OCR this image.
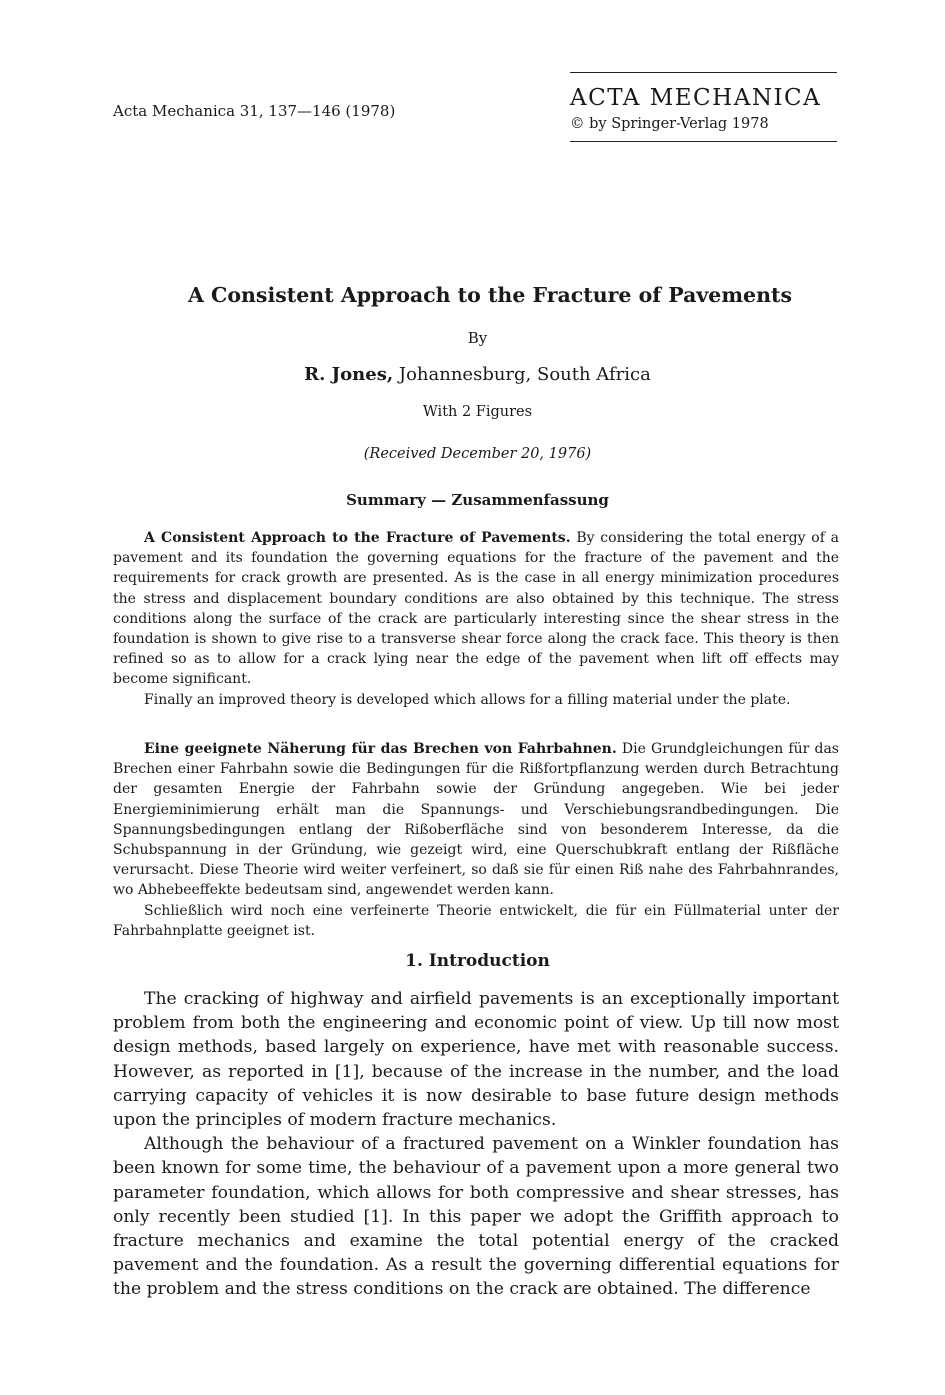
Acta Mechanica 31, 137—146 (1978)	ACTA MECHANICA
© by Springer-Verlag 1978
A Consistent Approach to the Fracture of Pavements
By
R. Jones, Johannesburg, South Africa
With 2 Figures
(Received December 20, 1976)
Summary — Zusammenfassung

A Consistent Approach to the Fracture of Pavements. By considering the total energy of a pavement and its foundation the governing equations for the fracture of the pavement and the requirements for crack growth are presented. As is the case in all energy minimization procedures the stress and displacement boundary conditions are also obtained by this technique. The stress conditions along the surface of the crack are particularly interesting since the shear stress in the foundation is shown to give rise to a transverse shear force along the crack face. This theory is then refined so as to allow for a crack lying near the edge of the pavement when lift off effects may become significant.

Finally an improved theory is developed which allows for a filling material under the plate.

Eine geeignete Näherung für das Brechen von Fahrbahnen. Die Grundgleichungen für das Brechen einer Fahrbahn sowie die Bedingungen für die Rißfortpflanzung werden durch Betrachtung der gesamten Energie der Fahrbahn sowie der Gründung angegeben. Wie bei jeder Energieminimierung erhält man die Spannungs- und Verschiebungsrandbedingungen. Die Spannungsbedingungen entlang der Rißoberfläche sind von besonderem Interesse, da die Schubspannung in der Gründung, wie gezeigt wird, eine Querschubkraft entlang der Rißfläche verursacht. Diese Theorie wird weiter verfeinert, so daß sie für einen Riß nahe des Fahrbahnrandes, wo Abhebeeffekte bedeutsam sind, angewendet werden kann.

Schließlich wird noch eine verfeinerte Theorie entwickelt, die für ein Füllmaterial unter der Fahrbahnplatte geeignet ist.

1. Introduction

The cracking of highway and airfield pavements is an exceptionally important problem from both the engineering and economic point of view. Up till now most design methods, based largely on experience, have met with reasonable success. However, as reported in [1], because of the increase in the number, and the load carrying capacity of vehicles it is now desirable to base future design methods upon the principles of modern fracture mechanics.

Although the behaviour of a fractured pavement on a Winkler foundation has been known for some time, the behaviour of a pavement upon a more general two parameter foundation, which allows for both compressive and shear stresses, has only recently been studied [1]. In this paper we adopt the Griffith approach to fracture mechanics and examine the total potential energy of the cracked pavement and the foundation. As a result the governing differential equations for the problem and the stress conditions on the crack are obtained. The difference
